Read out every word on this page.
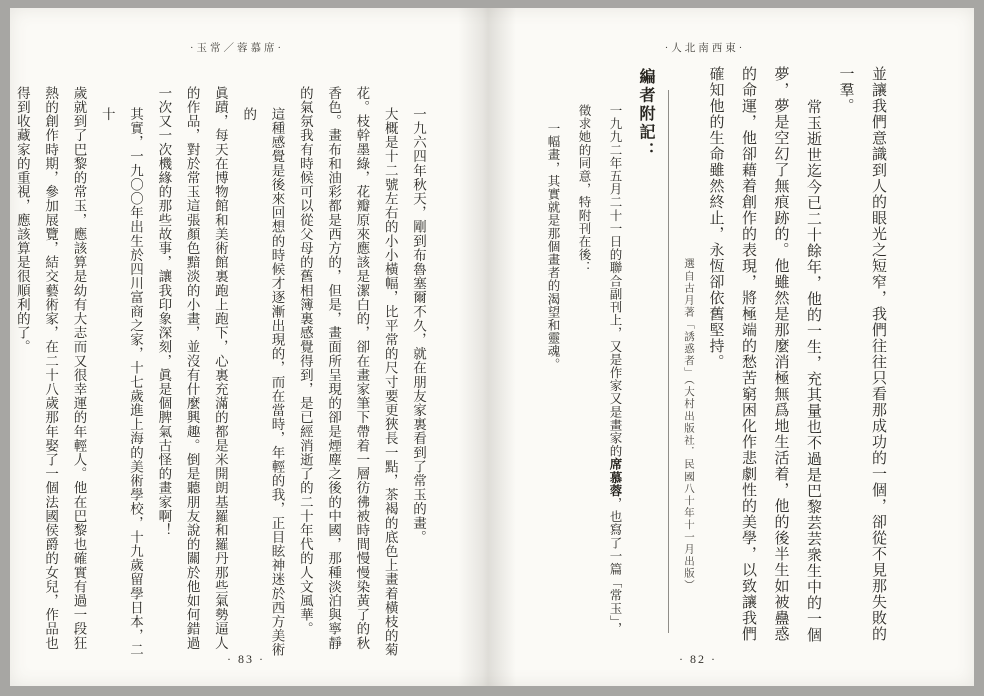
·玉常／蓉慕席·
一九六四年秋天，剛到布魯塞爾不久，就在朋友家裏看到了常玉的畫。
大概是十二號左右的小小橫幅，比平常的尺寸要更狹長一點，茶褐的底色上畫着橫枝的菊
花。枝幹墨綠，花瓣原來應該是潔白的，卻在畫家筆下帶着一層彷彿被時間慢慢染黃了的秋
香色。畫布和油彩都是西方的，但是，畫面所呈現的卻是煙塵之後的中國，那種淡泊與寧靜
的氣氛我有時候可以從父母的舊相簿裏感覺得到，是已經消逝了的二十年代的人文風華。
這種感覺是後來回想的時候才逐漸出現的，而在當時，年輕的我，正目眩神迷於西方美術的
眞蹟，每天在博物館和美術館裏跑上跑下，心裏充滿的都是米開朗基羅和羅丹那些氣勢逼人
的作品，對於常玉這張顏色黯淡的小畫，並沒有什麼興趣。倒是聽朋友說的關於他如何錯過
一次又一次機緣的那些故事，讓我印象深刻，眞是個脾氣古怪的畫家啊！
其實，一九〇〇年出生於四川富商之家，十七歲進上海的美術學校，十九歲留學日本，二十
歲就到了巴黎的常玉，應該算是幼有大志而又很幸運的年輕人。他在巴黎也確實有過一段狂
熱的創作時期，參加展覽，結交藝術家，在二十八歲那年娶了一個法國侯爵的女兒，作品也
得到收藏家的重視，應該算是很順利的了。
· 83 ·
·人北南西東·
並讓我們意識到人的眼光之短窄，我們往往只看那成功的一個，卻從不見那失敗的
一羣。
常玉逝世迄今已二十餘年，他的一生，充其量也不過是巴黎芸芸衆生中的一個
夢，夢是空幻了無痕跡的。他雖然是那麼消極無爲地生活着，他的後半生如被蠱惑
的命運，他卻藉着創作的表現，將極端的愁苦窮困化作悲劇性的美學，以致讓我們
確知他的生命雖然終止，永恆卻依舊堅持。
選自古月著「誘惑者」（大村出版社．民國八十年十一月出版）
編者附記：
一九九二年五月二十一日的聯合副刊上，又是作家又是畫家的席慕蓉，也寫了一篇「常玉」，
徵求她的同意，特附刊在後：
一幅畫，其實就是那個畫者的渴望和靈魂。
· 82 ·
